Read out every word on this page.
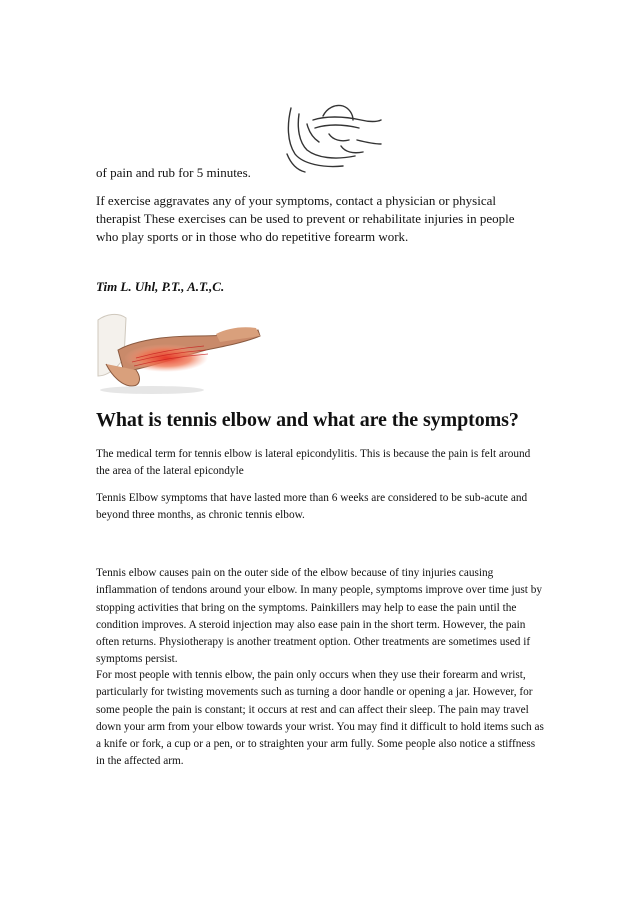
of pain and rub for 5 minutes.

If exercise aggravates any of your symptoms, contact a physician or physical therapist These exercises can be used to prevent or rehabilitate injuries in people who play sports or in those who do repetitive forearm work.

Tim L. Uhl, P.T., A.T.,C.

What is tennis elbow and what are the symptoms?

The medical term for tennis elbow is lateral epicondylitis. This is because the pain is felt around the area of the lateral epicondyle

Tennis Elbow symptoms that have lasted more than 6 weeks are considered to be sub-acute and beyond three months, as chronic tennis elbow.

Tennis elbow causes pain on the outer side of the elbow because of tiny injuries causing inflammation of tendons around your elbow. In many people, symptoms improve over time just by stopping activities that bring on the symptoms. Painkillers may help to ease the pain until the condition improves. A steroid injection may also ease pain in the short term. However, the pain often returns. Physiotherapy is another treatment option. Other treatments are sometimes used if symptoms persist.

For most people with tennis elbow, the pain only occurs when they use their forearm and wrist, particularly for twisting movements such as turning a door handle or opening a jar. However, for some people the pain is constant; it occurs at rest and can affect their sleep. The pain may travel down your arm from your elbow towards your wrist. You may find it difficult to hold items such as a knife or fork, a cup or a pen, or to straighten your arm fully. Some people also notice a stiffness in the affected arm.
